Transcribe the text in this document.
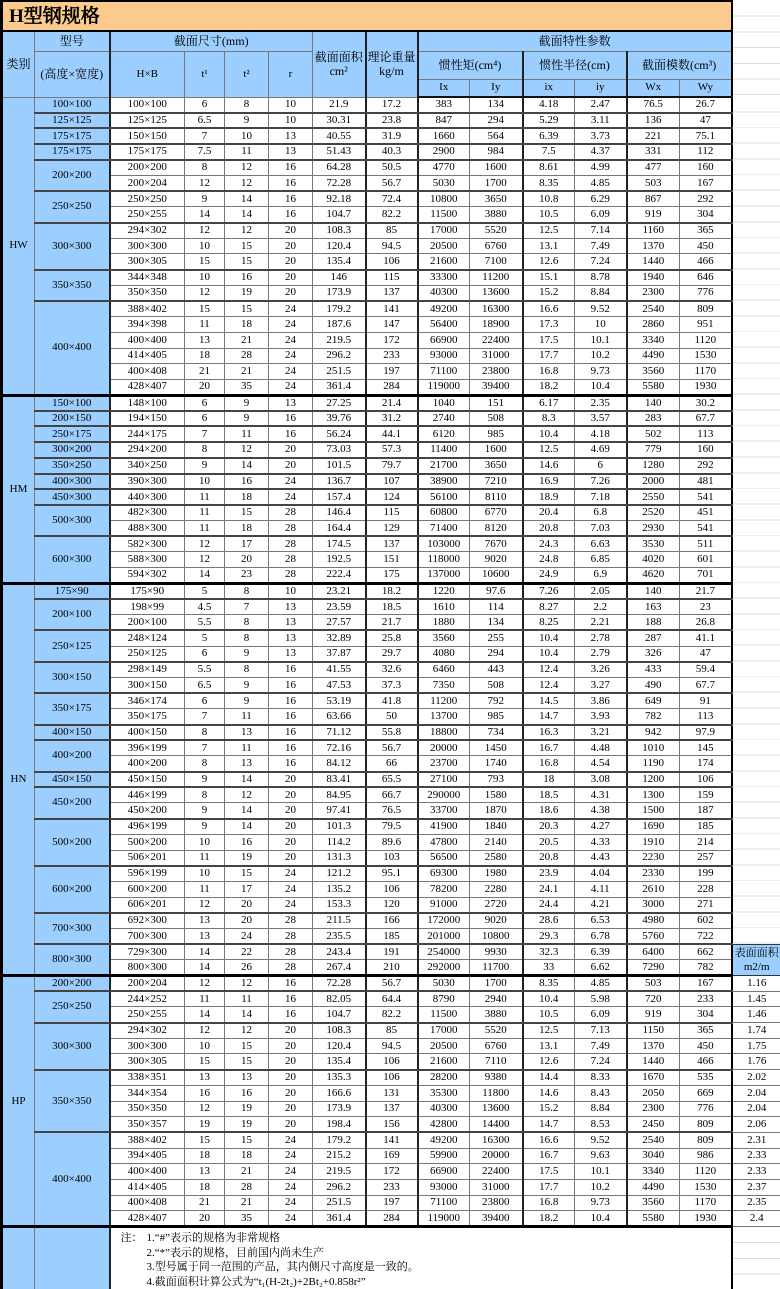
H型钢规格														
类别	型号	截面尺寸(mm)				截面面积cm²	理论重量kg/m	截面特性参数						
	(高度×宽度)	H×B	t¹	t²	r			惯性矩(cm⁴)		惯性半径(cm)		截面模数(cm³)		
								Ix	Iy	ix	iy	Wx	Wy	
HW	100×100	100×100	6	8	10	21.9	17.2	383	134	4.18	2.47	76.5	26.7	
	125×125	125×125	6.5	9	10	30.31	23.8	847	294	5.29	3.11	136	47	
	175×175	150×150	7	10	13	40.55	31.9	1660	564	6.39	3.73	221	75.1	
	175×175	175×175	7.5	11	13	51.43	40.3	2900	984	7.5	4.37	331	112	
	200×200	200×200	8	12	16	64.28	50.5	4770	1600	8.61	4.99	477	160	
		200×204	12	12	16	72.28	56.7	5030	1700	8.35	4.85	503	167	
	250×250	250×250	9	14	16	92.18	72.4	10800	3650	10.8	6.29	867	292	
		250×255	14	14	16	104.7	82.2	11500	3880	10.5	6.09	919	304	
	300×300	294×302	12	12	20	108.3	85	17000	5520	12.5	7.14	1160	365	
		300×300	10	15	20	120.4	94.5	20500	6760	13.1	7.49	1370	450	
		300×305	15	15	20	135.4	106	21600	7100	12.6	7.24	1440	466	
	350×350	344×348	10	16	20	146	115	33300	11200	15.1	8.78	1940	646	
		350×350	12	19	20	173.9	137	40300	13600	15.2	8.84	2300	776	
	400×400	388×402	15	15	24	179.2	141	49200	16300	16.6	9.52	2540	809	
		394×398	11	18	24	187.6	147	56400	18900	17.3	10	2860	951	
		400×400	13	21	24	219.5	172	66900	22400	17.5	10.1	3340	1120	
		414×405	18	28	24	296.2	233	93000	31000	17.7	10.2	4490	1530	
		400×408	21	21	24	251.5	197	71100	23800	16.8	9.73	3560	1170	
		428×407	20	35	24	361.4	284	119000	39400	18.2	10.4	5580	1930	
HM	150×100	148×100	6	9	13	27.25	21.4	1040	151	6.17	2.35	140	30.2	
	200×150	194×150	6	9	16	39.76	31.2	2740	508	8.3	3.57	283	67.7	
	250×175	244×175	7	11	16	56.24	44.1	6120	985	10.4	4.18	502	113	
	300×200	294×200	8	12	20	73.03	57.3	11400	1600	12.5	4.69	779	160	
	350×250	340×250	9	14	20	101.5	79.7	21700	3650	14.6	6	1280	292	
	400×300	390×300	10	16	24	136.7	107	38900	7210	16.9	7.26	2000	481	
	450×300	440×300	11	18	24	157.4	124	56100	8110	18.9	7.18	2550	541	
	500×300	482×300	11	15	28	146.4	115	60800	6770	20.4	6.8	2520	451	
		488×300	11	18	28	164.4	129	71400	8120	20.8	7.03	2930	541	
	600×300	582×300	12	17	28	174.5	137	103000	7670	24.3	6.63	3530	511	
		588×300	12	20	28	192.5	151	118000	9020	24.8	6.85	4020	601	
		594×302	14	23	28	222.4	175	137000	10600	24.9	6.9	4620	701	
HN	175×90	175×90	5	8	10	23.21	18.2	1220	97.6	7.26	2.05	140	21.7	
	200×100	198×99	4.5	7	13	23.59	18.5	1610	114	8.27	2.2	163	23	
		200×100	5.5	8	13	27.57	21.7	1880	134	8.25	2.21	188	26.8	
	250×125	248×124	5	8	13	32.89	25.8	3560	255	10.4	2.78	287	41.1	
		250×125	6	9	13	37.87	29.7	4080	294	10.4	2.79	326	47	
	300×150	298×149	5.5	8	16	41.55	32.6	6460	443	12.4	3.26	433	59.4	
		300×150	6.5	9	16	47.53	37.3	7350	508	12.4	3.27	490	67.7	
	350×175	346×174	6	9	16	53.19	41.8	11200	792	14.5	3.86	649	91	
		350×175	7	11	16	63.66	50	13700	985	14.7	3.93	782	113	
	400×150	400×150	8	13	16	71.12	55.8	18800	734	16.3	3.21	942	97.9	
	400×200	396×199	7	11	16	72.16	56.7	20000	1450	16.7	4.48	1010	145	
		400×200	8	13	16	84.12	66	23700	1740	16.8	4.54	1190	174	
	450×150	450×150	9	14	20	83.41	65.5	27100	793	18	3.08	1200	106	
	450×200	446×199	8	12	20	84.95	66.7	290000	1580	18.5	4.31	1300	159	
		450×200	9	14	20	97.41	76.5	33700	1870	18.6	4.38	1500	187	
	500×200	496×199	9	14	20	101.3	79.5	41900	1840	20.3	4.27	1690	185	
		500×200	10	16	20	114.2	89.6	47800	2140	20.5	4.33	1910	214	
		506×201	11	19	20	131.3	103	56500	2580	20.8	4.43	2230	257	
	600×200	596×199	10	15	24	121.2	95.1	69300	1980	23.9	4.04	2330	199	
		600×200	11	17	24	135.2	106	78200	2280	24.1	4.11	2610	228	
		606×201	12	20	24	153.3	120	91000	2720	24.4	4.21	3000	271	
	700×300	692×300	13	20	28	211.5	166	172000	9020	28.6	6.53	4980	602	
		700×300	13	24	28	235.5	185	201000	10800	29.3	6.78	5760	722	
	800×300	729×300	14	22	28	243.4	191	254000	9930	32.3	6.39	6400	662	表面面积m2/m
		800×300	14	26	28	267.4	210	292000	11700	33	6.62	7290	782	
HP	200×200	200×204	12	12	16	72.28	56.7	5030	1700	8.35	4.85	503	167	1.16
	250×250	244×252	11	11	16	82.05	64.4	8790	2940	10.4	5.98	720	233	1.45
		250×255	14	14	16	104.7	82.2	11500	3880	10.5	6.09	919	304	1.46
	300×300	294×302	12	12	20	108.3	85	17000	5520	12.5	7.13	1150	365	1.74
		300×300	10	15	20	120.4	94.5	20500	6760	13.1	7.49	1370	450	1.75
		300×305	15	15	20	135.4	106	21600	7110	12.6	7.24	1440	466	1.76
	350×350	338×351	13	13	20	135.3	106	28200	9380	14.4	8.33	1670	535	2.02
		344×354	16	16	20	166.6	131	35300	11800	14.6	8.43	2050	669	2.04
		350×350	12	19	20	173.9	137	40300	13600	15.2	8.84	2300	776	2.04
		350×357	19	19	20	198.4	156	42800	14400	14.7	8.53	2450	809	2.06
	400×400	388×402	15	15	24	179.2	141	49200	16300	16.6	9.52	2540	809	2.31
		394×405	18	18	24	215.2	169	59900	20000	16.7	9.63	3040	986	2.33
		400×400	13	21	24	219.5	172	66900	22400	17.5	10.1	3340	1120	2.33
		414×405	18	28	24	296.2	233	93000	31000	17.7	10.2	4490	1530	2.37
		400×408	21	21	24	251.5	197	71100	23800	16.8	9.73	3560	1170	2.35
		428×407	20	35	24	361.4	284	119000	39400	18.2	10.4	5580	1930	2.4

		注： 1.“#”表示的规格为非常规格
2.“*”表示的规格，目前国内尚未生产
3.型号属于同一范围的产品，其内侧尺寸高度是一致的。
4.截面面积计算公式为“t₁(H-2t₂)+2Bt₂+0.858r²”												
